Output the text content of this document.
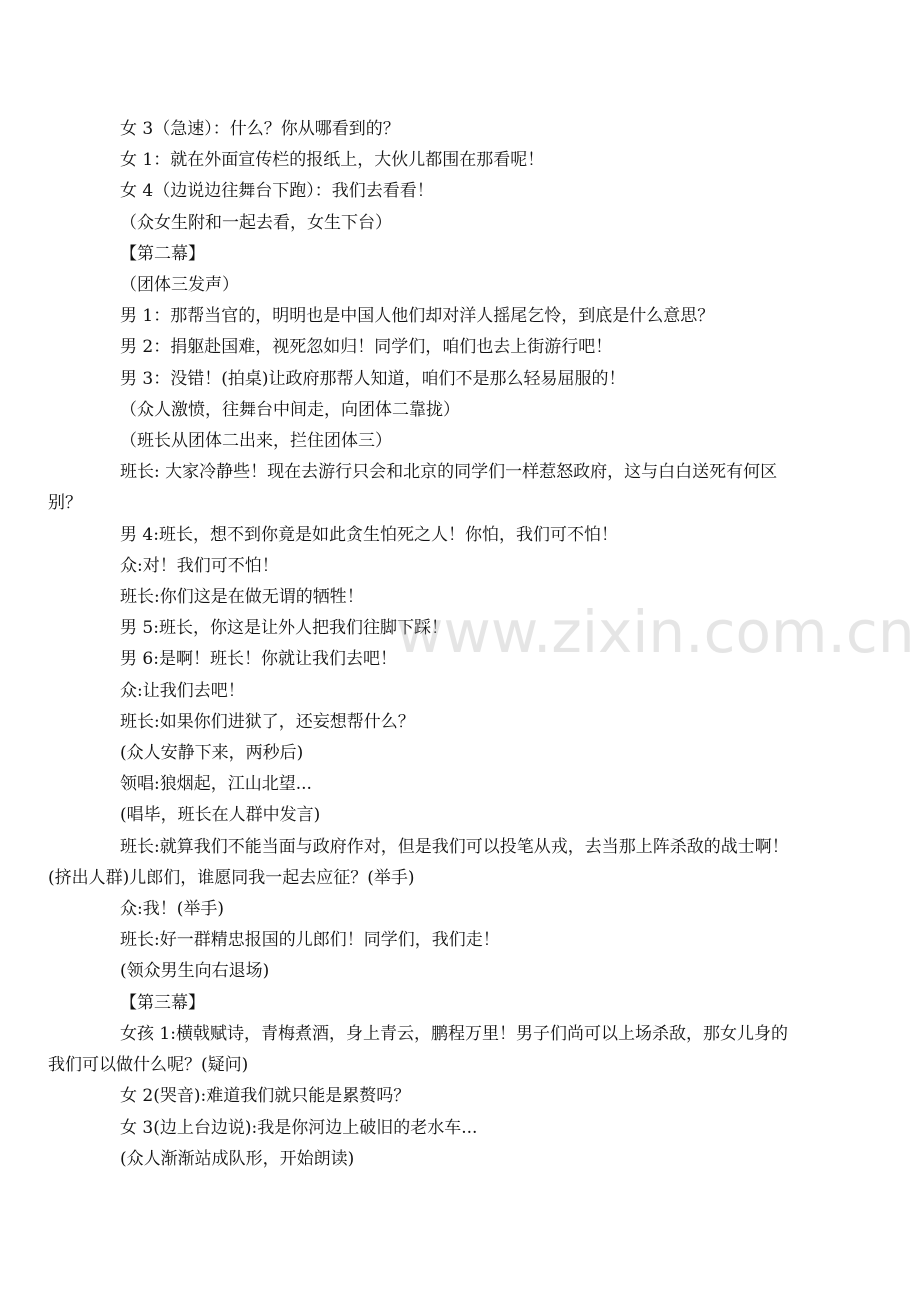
女 3（急速）：什么？你从哪看到的？

女 1：就在外面宣传栏的报纸上，大伙儿都围在那看呢！

女 4（边说边往舞台下跑）：我们去看看！

（众女生附和一起去看，女生下台）

【第二幕】

（团体三发声）

男 1：那帮当官的，明明也是中国人他们却对洋人摇尾乞怜，到底是什么意思？

男 2：捐躯赴国难，视死忽如归！同学们，咱们也去上街游行吧！

男 3：没错！(拍桌)让政府那帮人知道，咱们不是那么轻易屈服的！

（众人激愤，往舞台中间走，向团体二靠拢）

（班长从团体二出来，拦住团体三）

班长: 大家冷静些！现在去游行只会和北京的同学们一样惹怒政府，这与白白送死有何区
别？

男 4:班长，想不到你竟是如此贪生怕死之人！你怕，我们可不怕！

众:对！我们可不怕！

班长:你们这是在做无谓的牺牲！

男 5:班长，你这是让外人把我们往脚下踩！

男 6:是啊！班长！你就让我们去吧！

众:让我们去吧！

班长:如果你们进狱了，还妄想帮什么？

(众人安静下来，两秒后)

领唱:狼烟起，江山北望...

(唱毕，班长在人群中发言)

班长:就算我们不能当面与政府作对，但是我们可以投笔从戎，去当那上阵杀敌的战士啊！
(挤出人群)儿郎们，谁愿同我一起去应征？(举手)

众:我！(举手)

班长:好一群精忠报国的儿郎们！同学们，我们走！

(领众男生向右退场)

【第三幕】

女孩 1:横戟赋诗，青梅煮酒，身上青云，鹏程万里！男子们尚可以上场杀敌，那女儿身的
我们可以做什么呢？(疑问)

女 2(哭音):难道我们就只能是累赘吗？

女 3(边上台边说):我是你河边上破旧的老水车...

(众人渐渐站成队形，开始朗读)

www.zixin.com.cn
